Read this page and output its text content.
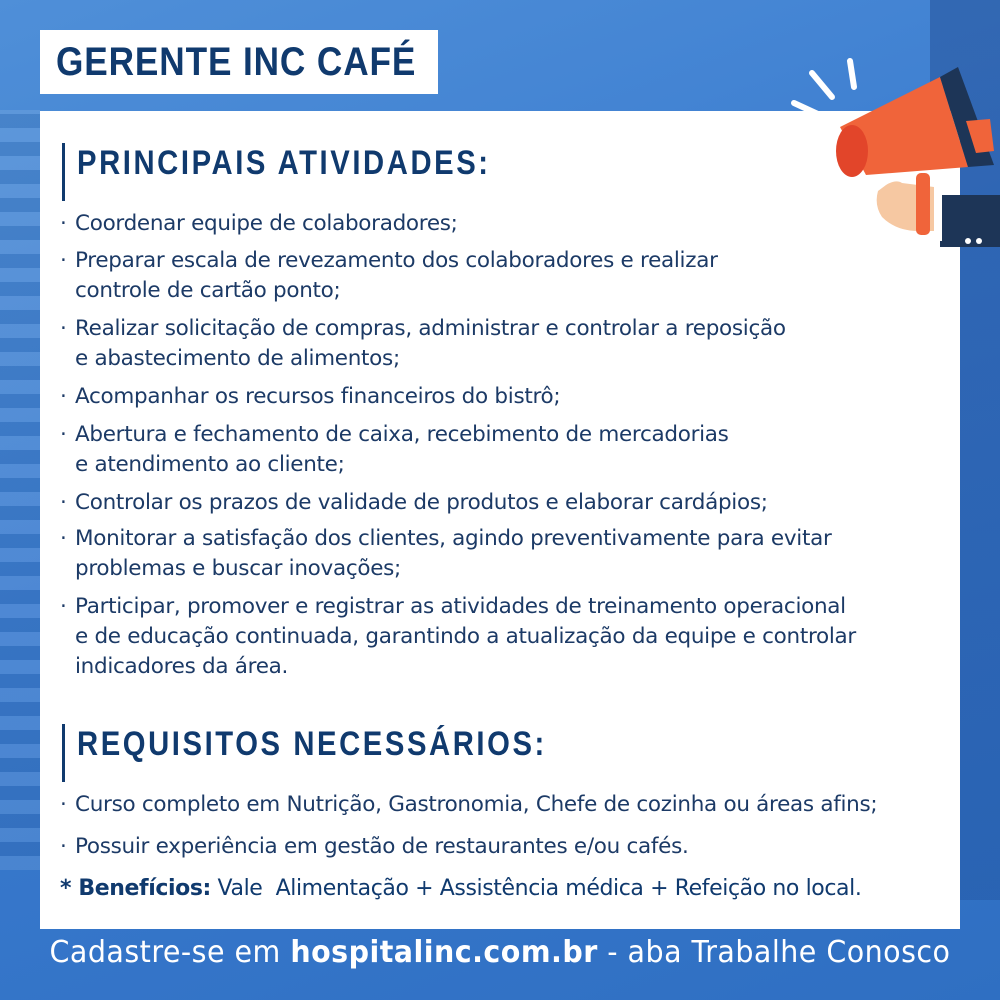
GERENTE INC CAFÉ
PRINCIPAIS ATIVIDADES:
· Coordenar equipe de colaboradores;
· Preparar escala de revezamento dos colaboradores e realizar
controle de cartão ponto;
· Realizar solicitação de compras, administrar e controlar a reposição
e abastecimento de alimentos;
· Acompanhar os recursos financeiros do bistrô;
· Abertura e fechamento de caixa, recebimento de mercadorias
e atendimento ao cliente;
· Controlar os prazos de validade de produtos e elaborar cardápios;
· Monitorar a satisfação dos clientes, agindo preventivamente para evitar
problemas e buscar inovações;
· Participar, promover e registrar as atividades de treinamento operacional
e de educação continuada, garantindo a atualização da equipe e controlar
indicadores da área.
REQUISITOS NECESSÁRIOS:
· Curso completo em Nutrição, Gastronomia, Chefe de cozinha ou áreas afins;
· Possuir experiência em gestão de restaurantes e/ou cafés.
* Benefícios: Vale  Alimentação + Assistência médica + Refeição no local.
Cadastre-se em hospitalinc.com.br - aba Trabalhe Conosco
